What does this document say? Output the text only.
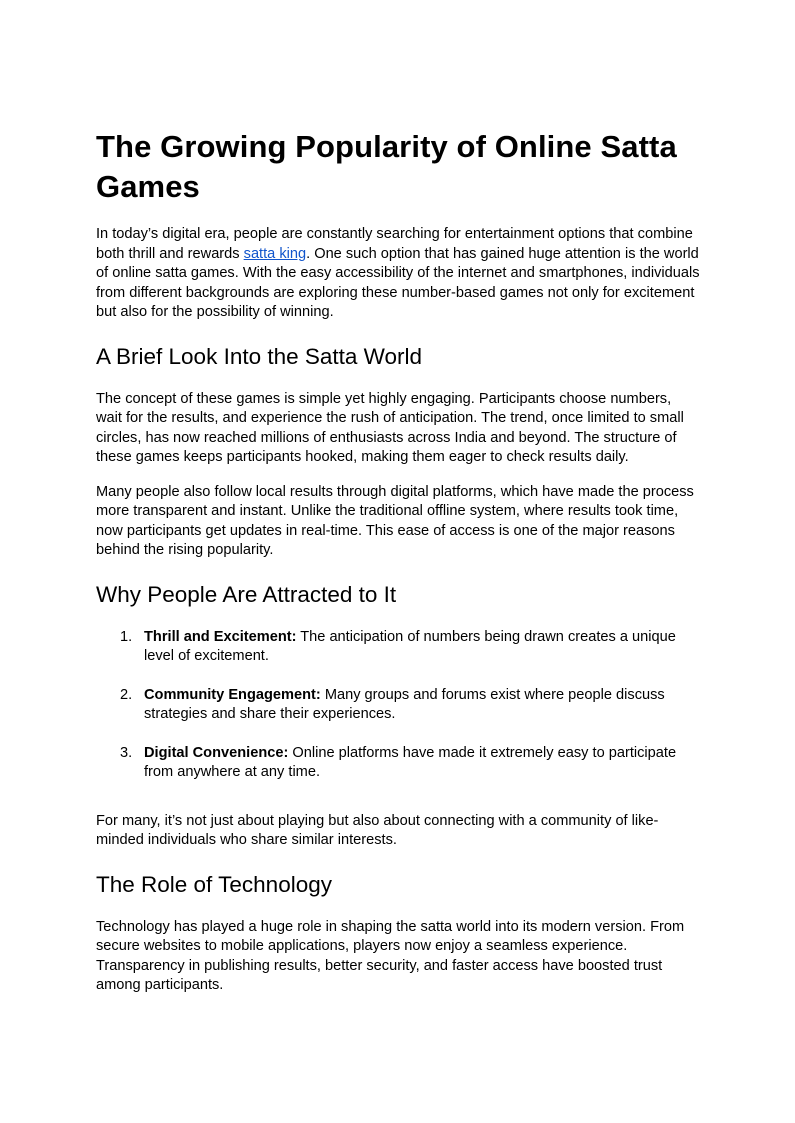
The Growing Popularity of Online Satta Games

In today’s digital era, people are constantly searching for entertainment options that combine both thrill and rewards satta king. One such option that has gained huge attention is the world of online satta games. With the easy accessibility of the internet and smartphones, individuals from different backgrounds are exploring these number-based games not only for excitement but also for the possibility of winning.

A Brief Look Into the Satta World

The concept of these games is simple yet highly engaging. Participants choose numbers, wait for the results, and experience the rush of anticipation. The trend, once limited to small circles, has now reached millions of enthusiasts across India and beyond. The structure of these games keeps participants hooked, making them eager to check results daily.

Many people also follow local results through digital platforms, which have made the process more transparent and instant. Unlike the traditional offline system, where results took time, now participants get updates in real-time. This ease of access is one of the major reasons behind the rising popularity.

Why People Are Attracted to It
1. Thrill and Excitement: The anticipation of numbers being drawn creates a unique level of excitement.
2. Community Engagement: Many groups and forums exist where people discuss strategies and share their experiences.
3. Digital Convenience: Online platforms have made it extremely easy to participate from anywhere at any time.

For many, it’s not just about playing but also about connecting with a community of like-minded individuals who share similar interests.

The Role of Technology

Technology has played a huge role in shaping the satta world into its modern version. From secure websites to mobile applications, players now enjoy a seamless experience. Transparency in publishing results, better security, and faster access have boosted trust among participants.
